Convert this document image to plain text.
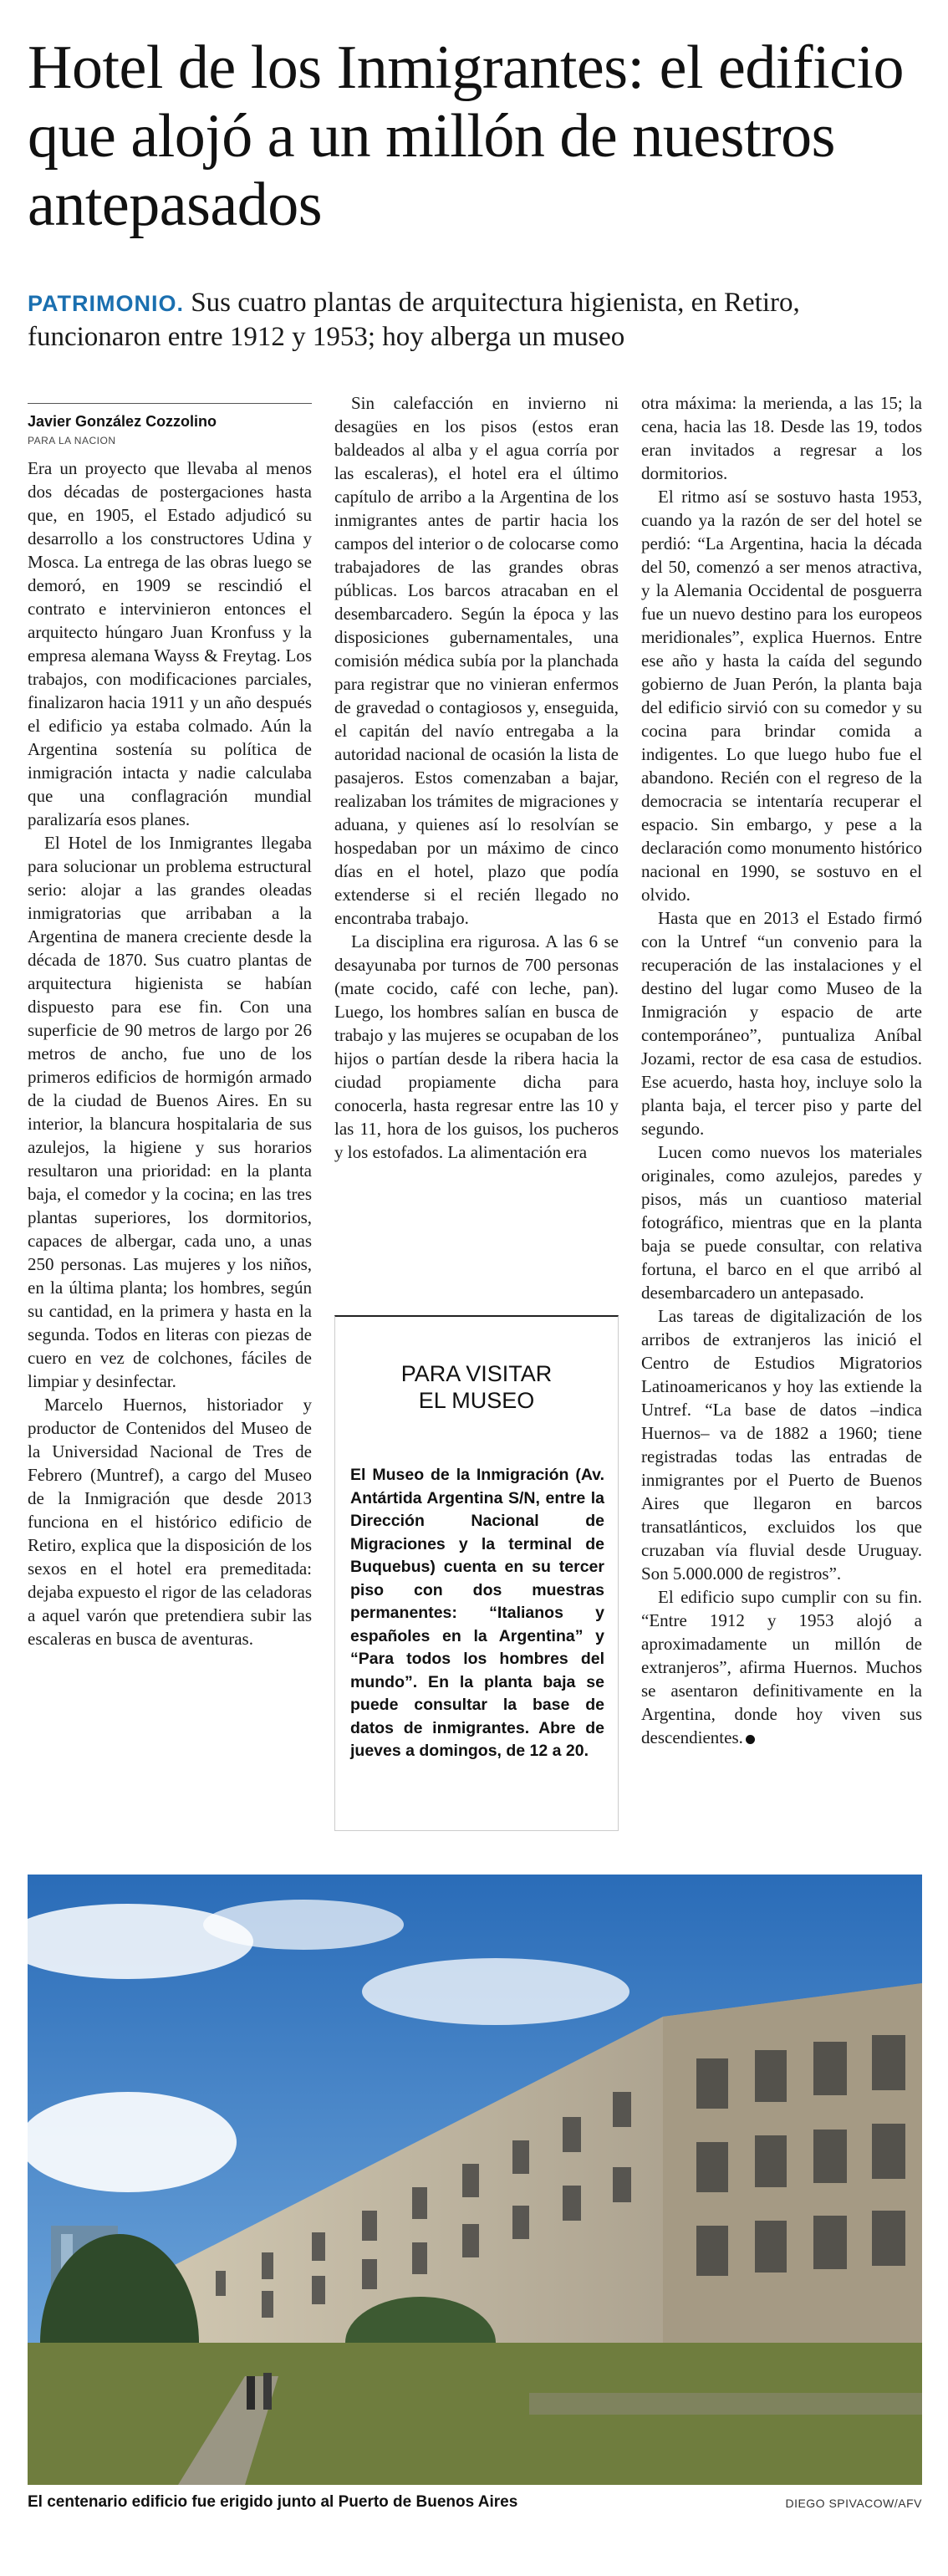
Hotel de los Inmigrantes: el edificio que alojó a un millón de nuestros antepasados

PATRIMONIO. Sus cuatro plantas de arquitectura higienista, en Retiro, funcionaron entre 1912 y 1953; hoy alberga un museo

Javier González Cozzolino
PARA LA NACION

Era un proyecto que llevaba al menos dos décadas de postergaciones hasta que, en 1905, el Estado adjudicó su desarrollo a los constructores Udina y Mosca. La entrega de las obras luego se demoró, en 1909 se rescindió el contrato e intervinieron entonces el arquitecto húngaro Juan Kronfuss y la empresa alemana Wayss & Freytag. Los trabajos, con modificaciones parciales, finalizaron hacia 1911 y un año después el edificio ya estaba colmado. Aún la Argentina sostenía su política de inmigración intacta y nadie calculaba que una conflagración mundial paralizaría esos planes.

El Hotel de los Inmigrantes llegaba para solucionar un problema estructural serio: alojar a las grandes oleadas inmigratorias que arribaban a la Argentina de manera creciente desde la década de 1870. Sus cuatro plantas de arquitectura higienista se habían dispuesto para ese fin. Con una superficie de 90 metros de largo por 26 metros de ancho, fue uno de los primeros edificios de hormigón armado de la ciudad de Buenos Aires. En su interior, la blancura hospitalaria de sus azulejos, la higiene y sus horarios resultaron una prioridad: en la planta baja, el comedor y la cocina; en las tres plantas superiores, los dormitorios, capaces de albergar, cada uno, a unas 250 personas. Las mujeres y los niños, en la última planta; los hombres, según su cantidad, en la primera y hasta en la segunda. Todos en literas con piezas de cuero en vez de colchones, fáciles de limpiar y desinfectar.

Marcelo Huernos, historiador y productor de Contenidos del Museo de la Universidad Nacional de Tres de Febrero (Muntref), a cargo del Museo de la Inmigración que desde 2013 funciona en el histórico edificio de Retiro, explica que la disposición de los sexos en el hotel era premeditada: dejaba expuesto el rigor de las celadoras a aquel varón que pretendiera subir las escaleras en busca de aventuras.

Sin calefacción en invierno ni desagües en los pisos (estos eran baldeados al alba y el agua corría por las escaleras), el hotel era el último capítulo de arribo a la Argentina de los inmigrantes antes de partir hacia los campos del interior o de colocarse como trabajadores de las grandes obras públicas. Los barcos atracaban en el desembarcadero. Según la época y las disposiciones gubernamentales, una comisión médica subía por la planchada para registrar que no vinieran enfermos de gravedad o contagiosos y, enseguida, el capitán del navío entregaba a la autoridad nacional de ocasión la lista de pasajeros. Estos comenzaban a bajar, realizaban los trámites de migraciones y aduana, y quienes así lo resolvían se hospedaban por un máximo de cinco días en el hotel, plazo que podía extenderse si el recién llegado no encontraba trabajo.

La disciplina era rigurosa. A las 6 se desayunaba por turnos de 700 personas (mate cocido, café con leche, pan). Luego, los hombres salían en busca de trabajo y las mujeres se ocupaban de los hijos o partían desde la ribera hacia la ciudad propiamente dicha para conocerla, hasta regresar entre las 10 y las 11, hora de los guisos, los pucheros y los estofados. La alimentación era

PARA VISITAR
EL MUSEO
El Museo de la Inmigración (Av. Antártida Argentina S/N, entre la Dirección Nacional de Migraciones y la terminal de Buquebus) cuenta en su tercer piso con dos muestras permanentes: “Italianos y españoles en la Argentina” y “Para todos los hombres del mundo”. En la planta baja se puede consultar la base de datos de inmigrantes. Abre de jueves a domingos, de 12 a 20.

otra máxima: la merienda, a las 15; la cena, hacia las 18. Desde las 19, todos eran invitados a regresar a los dormitorios.

El ritmo así se sostuvo hasta 1953, cuando ya la razón de ser del hotel se perdió: “La Argentina, hacia la década del 50, comenzó a ser menos atractiva, y la Alemania Occidental de posguerra fue un nuevo destino para los europeos meridionales”, explica Huernos. Entre ese año y hasta la caída del segundo gobierno de Juan Perón, la planta baja del edificio sirvió con su comedor y su cocina para brindar comida a indigentes. Lo que luego hubo fue el abandono. Recién con el regreso de la democracia se intentaría recuperar el espacio. Sin embargo, y pese a la declaración como monumento histórico nacional en 1990, se sostuvo en el olvido.

Hasta que en 2013 el Estado firmó con la Untref “un convenio para la recuperación de las instalaciones y el destino del lugar como Museo de la Inmigración y espacio de arte contemporáneo”, puntualiza Aníbal Jozami, rector de esa casa de estudios. Ese acuerdo, hasta hoy, incluye solo la planta baja, el tercer piso y parte del segundo.

Lucen como nuevos los materiales originales, como azulejos, paredes y pisos, más un cuantioso material fotográfico, mientras que en la planta baja se puede consultar, con relativa fortuna, el barco en el que arribó al desembarcadero un antepasado.

Las tareas de digitalización de los arribos de extranjeros las inició el Centro de Estudios Migratorios Latinoamericanos y hoy las extiende la Untref. “La base de datos –indica Huernos– va de 1882 a 1960; tiene registradas todas las entradas de inmigrantes por el Puerto de Buenos Aires que llegaron en barcos transatlánticos, excluidos los que cruzaban vía fluvial desde Uruguay. Son 5.000.000 de registros”.

El edificio supo cumplir con su fin. “Entre 1912 y 1953 alojó a aproximadamente un millón de extranjeros”, afirma Huernos. Muchos se asentaron definitivamente en la Argentina, donde hoy viven sus descendientes.

El centenario edificio fue erigido junto al Puerto de Buenos Aires	DIEGO SPIVACOW/AFV
